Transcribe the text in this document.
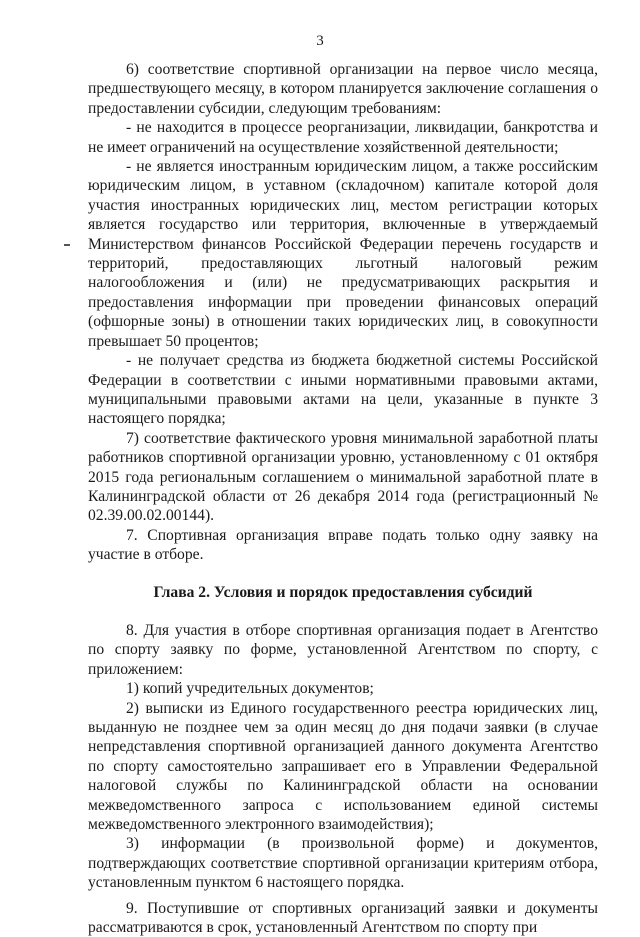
3

6) соответствие спортивной организации на первое число месяца, предшествующего месяцу, в котором планируется заключение соглашения о предоставлении субсидии, следующим требованиям:

- не находится в процессе реорганизации, ликвидации, банкротства и не имеет ограничений на осуществление хозяйственной деятельности;

- не является иностранным юридическим лицом, а также российским юридическим лицом, в уставном (складочном) капитале которой доля участия иностранных юридических лиц, местом регистрации которых является государство или территория, включенные в утверждаемый Министерством финансов Российской Федерации перечень государств и территорий, предоставляющих льготный налоговый режим налогообложения и (или) не предусматривающих раскрытия и предоставления информации при проведении финансовых операций (офшорные зоны) в отношении таких юридических лиц, в совокупности превышает 50 процентов;

- не получает средства из бюджета бюджетной системы Российской Федерации в соответствии с иными нормативными правовыми актами, муниципальными правовыми актами на цели, указанные в пункте 3 настоящего порядка;

7) соответствие фактического уровня минимальной заработной платы работников спортивной организации уровню, установленному с 01 октября 2015 года региональным соглашением о минимальной заработной плате в Калининградской области от 26 декабря 2014 года (регистрационный № 02.39.00.02.00144).

7. Спортивная организация вправе подать только одну заявку на участие в отборе.

Глава 2. Условия и порядок предоставления субсидий

8. Для участия в отборе спортивная организация подает в Агентство по спорту заявку по форме, установленной Агентством по спорту, с приложением:

1) копий учредительных документов;

2) выписки из Единого государственного реестра юридических лиц, выданную не позднее чем за один месяц до дня подачи заявки (в случае непредставления спортивной организацией данного документа Агентство по спорту самостоятельно запрашивает его в Управлении Федеральной налоговой службы по Калининградской области на основании межведомственного запроса с использованием единой системы межведомственного электронного взаимодействия);

3) информации (в произвольной форме) и документов, подтверждающих соответствие спортивной организации критериям отбора, установленным пунктом 6 настоящего порядка.

9. Поступившие от спортивных организаций заявки и документы рассматриваются в срок, установленный Агентством по спорту при
